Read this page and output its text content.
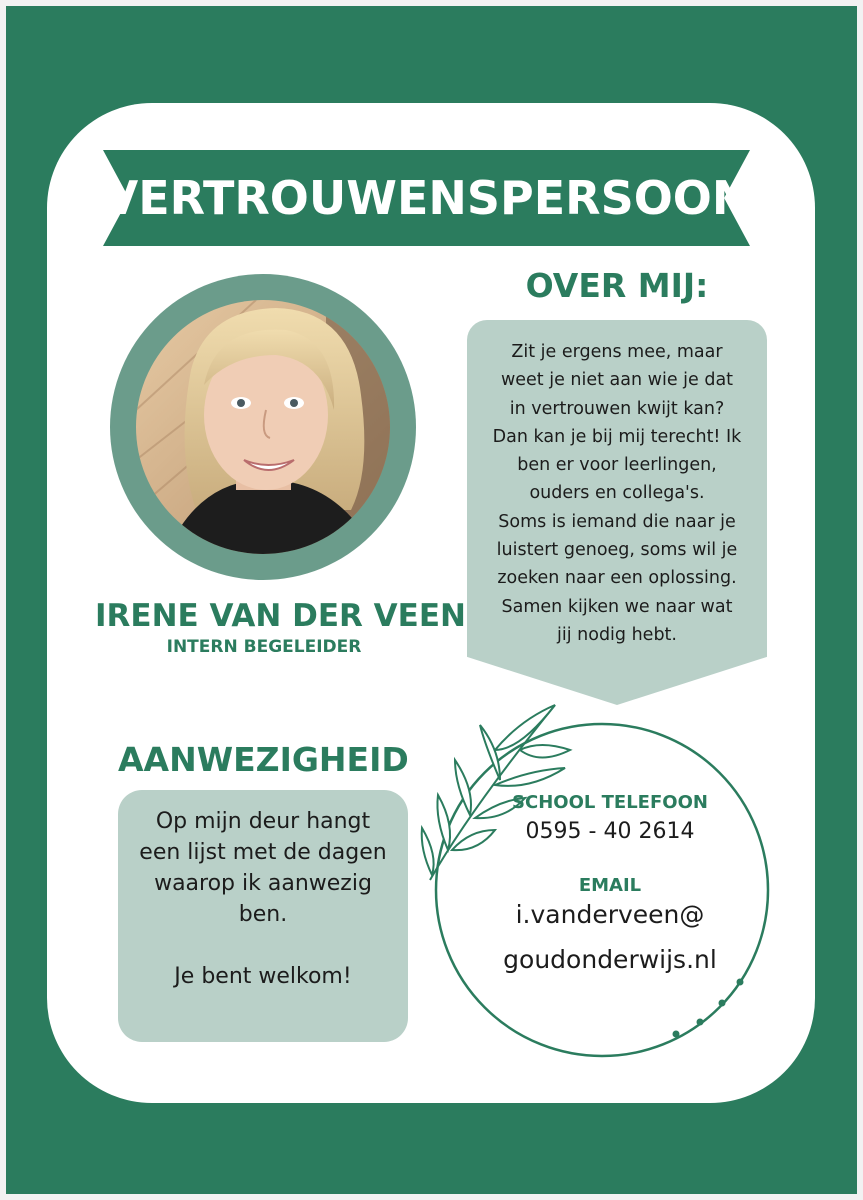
VERTROUWENSPERSOON
IRENE VAN DER VEEN
INTERN BEGELEIDER
OVER MIJ:
Zit je ergens mee, maar
weet je niet aan wie je dat
in vertrouwen kwijt kan?
Dan kan je bij mij terecht! Ik
ben er voor leerlingen,
ouders en collega's.
Soms is iemand die naar je
luistert genoeg, soms wil je
zoeken naar een oplossing.
Samen kijken we naar wat
jij nodig hebt.
AANWEZIGHEID
Op mijn deur hangt
een lijst met de dagen
waarop ik aanwezig
ben.

Je bent welkom!
SCHOOL TELEFOON
0595 - 40 2614
EMAIL
i.vanderveen@
goudonderwijs.nl
